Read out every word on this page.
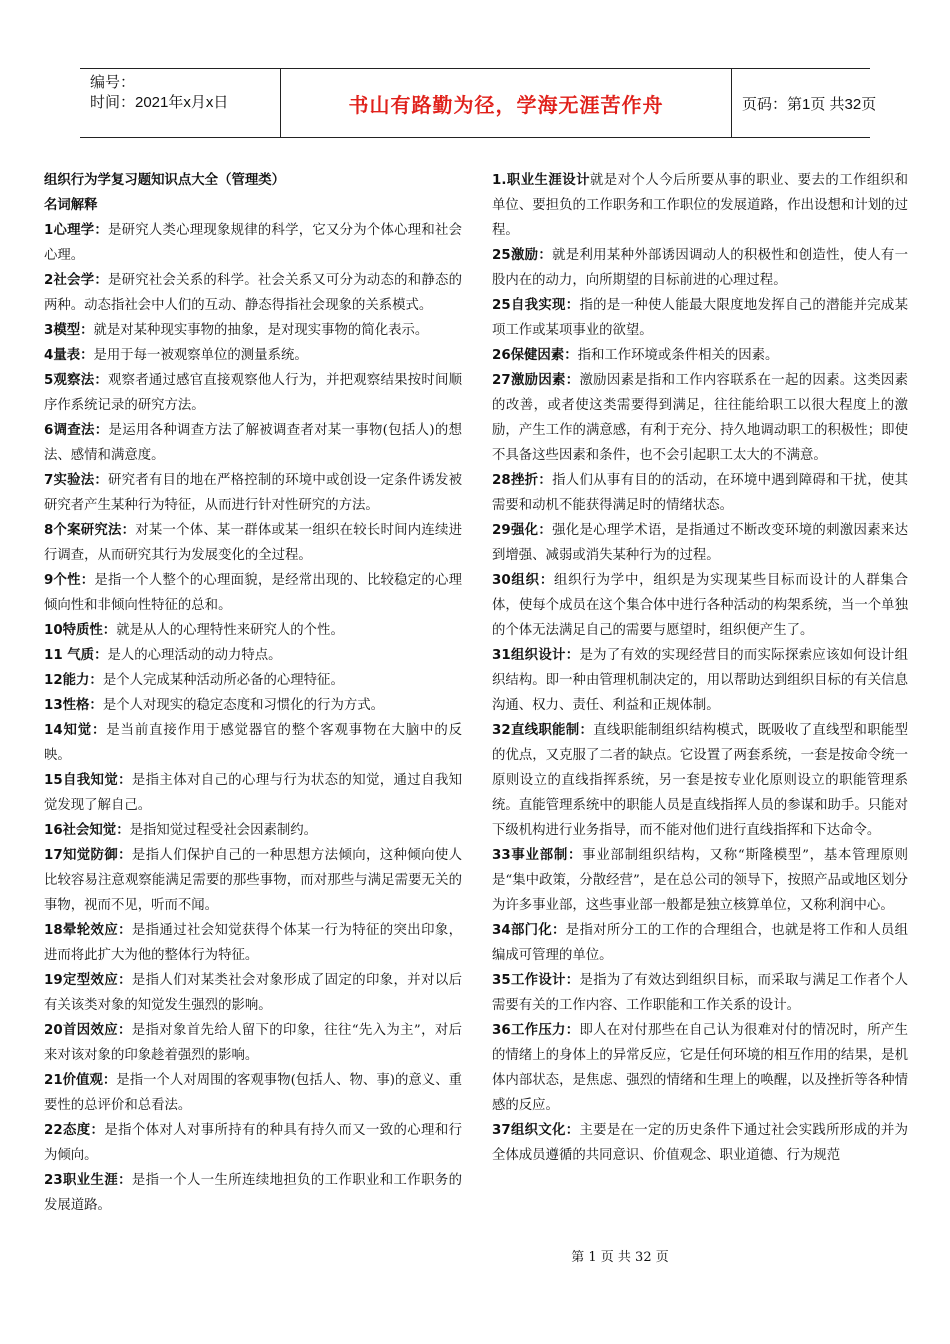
编号：
时间：2021年x月x日	书山有路勤为径，学海无涯苦作舟	页码：第1页 共32页

组织行为学复习题知识点大全（管理类）

名词解释

1心理学：是研究人类心理现象规律的科学，它又分为个体心理和社会心理。

2社会学：是研究社会关系的科学。社会关系又可分为动态的和静态的两种。动态指社会中人们的互动、静态得指社会现象的关系模式。

3模型：就是对某种现实事物的抽象，是对现实事物的简化表示。

4量表：是用于每一被观察单位的测量系统。

5观察法：观察者通过感官直接观察他人行为，并把观察结果按时间顺序作系统记录的研究方法。

6调查法：是运用各种调查方法了解被调查者对某一事物(包括人)的想法、感情和满意度。

7实验法：研究者有目的地在严格控制的环境中或创设一定条件诱发被研究者产生某种行为特征，从而进行针对性研究的方法。

8个案研究法：对某一个体、某一群体或某一组织在较长时间内连续进行调查，从而研究其行为发展变化的全过程。

9个性：是指一个人整个的心理面貌，是经常出现的、比较稳定的心理倾向性和非倾向性特征的总和。

10特质性：就是从人的心理特性来研究人的个性。

11 气质：是人的心理活动的动力特点。

12能力：是个人完成某种活动所必备的心理特征。

13性格：是个人对现实的稳定态度和习惯化的行为方式。

14知觉：是当前直接作用于感觉器官的整个客观事物在大脑中的反映。

15自我知觉：是指主体对自己的心理与行为状态的知觉，通过自我知觉发现了解自己。

16社会知觉：是指知觉过程受社会因素制约。

17知觉防御：是指人们保护自己的一种思想方法倾向，这种倾向使人比较容易注意观察能满足需要的那些事物，而对那些与满足需要无关的事物，视而不见，听而不闻。

18晕轮效应：是指通过社会知觉获得个体某一行为特征的突出印象，进而将此扩大为他的整体行为特征。

19定型效应：是指人们对某类社会对象形成了固定的印象，并对以后有关该类对象的知觉发生强烈的影响。

20首因效应：是指对象首先给人留下的印象，往往“先入为主”，对后来对该对象的印象趁着强烈的影响。

21价值观：是指一个人对周围的客观事物(包括人、物、事)的意义、重要性的总评价和总看法。

22态度：是指个体对人对事所持有的种具有持久而又一致的心理和行为倾向。

23职业生涯：是指一个人一生所连续地担负的工作职业和工作职务的发展道路。

1.职业生涯设计就是对个人今后所要从事的职业、要去的工作组织和单位、要担负的工作职务和工作职位的发展道路，作出设想和计划的过程。

25激励：就是利用某种外部诱因调动人的积极性和创造性，使人有一股内在的动力，向所期望的目标前进的心理过程。

25自我实现：指的是一种使人能最大限度地发挥自己的潜能并完成某项工作或某项事业的欲望。

26保健因素：指和工作环境或条件相关的因素。

27激励因素：激励因素是指和工作内容联系在一起的因素。这类因素的改善，或者使这类需要得到满足，往往能给职工以很大程度上的激励，产生工作的满意感，有利于充分、持久地调动职工的积极性；即使不具备这些因素和条件，也不会引起职工太大的不满意。

28挫折：指人们从事有目的的活动，在环境中遇到障碍和干扰，使其需要和动机不能获得满足时的情绪状态。

29强化：强化是心理学术语，是指通过不断改变环境的刺激因素来达到增强、减弱或消失某种行为的过程。

30组织：组织行为学中，组织是为实现某些目标而设计的人群集合体，使每个成员在这个集合体中进行各种活动的构架系统，当一个单独的个体无法满足自己的需要与愿望时，组织便产生了。

31组织设计：是为了有效的实现经营目的而实际探索应该如何设计组织结构。即一种由管理机制决定的，用以帮助达到组织目标的有关信息沟通、权力、责任、利益和正规体制。

32直线职能制：直线职能制组织结构模式，既吸收了直线型和职能型的优点，又克服了二者的缺点。它设置了两套系统，一套是按命令统一原则设立的直线指挥系统，另一套是按专业化原则设立的职能管理系统。直能管理系统中的职能人员是直线指挥人员的参谋和助手。只能对下级机构进行业务指导，而不能对他们进行直线指挥和下达命令。

33事业部制：事业部制组织结构，又称“斯隆模型”，基本管理原则是“集中政策，分散经营”，是在总公司的领导下，按照产品或地区划分为许多事业部，这些事业部一般都是独立核算单位，又称利润中心。

34部门化：是指对所分工的工作的合理组合，也就是将工作和人员组编成可管理的单位。

35工作设计：是指为了有效达到组织目标，而采取与满足工作者个人需要有关的工作内容、工作职能和工作关系的设计。

36工作压力：即人在对付那些在自己认为很难对付的情况时，所产生的情绪上的身体上的异常反应，它是任何环境的相互作用的结果，是机体内部状态，是焦虑、强烈的情绪和生理上的唤醒，以及挫折等各种情感的反应。

37组织文化：主要是在一定的历史条件下通过社会实践所形成的并为全体成员遵循的共同意识、价值观念、职业道德、行为规范

第 1 页 共 32 页
